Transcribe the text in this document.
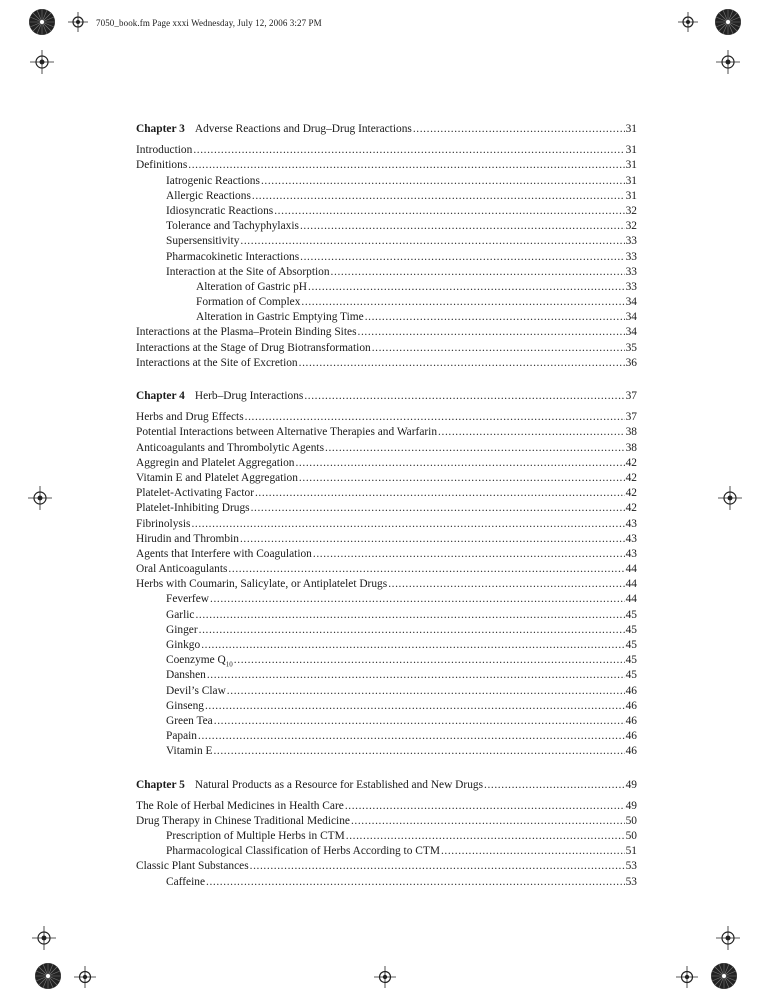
7050_book.fm Page xxxi Wednesday, July 12, 2006 3:27 PM
Chapter 3 Adverse Reactions and Drug–Drug Interactions .....	31
Introduction .....	31
Definitions .....	31
Iatrogenic Reactions .....	31
Allergic Reactions .....	31
Idiosyncratic Reactions .....	32
Tolerance and Tachyphylaxis .....	32
Supersensitivity .....	33
Pharmacokinetic Interactions .....	33
Interaction at the Site of Absorption .....	33
Alteration of Gastric pH .....	33
Formation of Complex .....	34
Alteration in Gastric Emptying Time .....	34
Interactions at the Plasma–Protein Binding Sites .....	34
Interactions at the Stage of Drug Biotransformation .....	35
Interactions at the Site of Excretion .....	36
Chapter 4 Herb–Drug Interactions .....	37
Herbs and Drug Effects .....	37
Potential Interactions between Alternative Therapies and Warfarin .....	38
Anticoagulants and Thrombolytic Agents .....	38
Aggregin and Platelet Aggregation .....	42
Vitamin E and Platelet Aggregation .....	42
Platelet-Activating Factor .....	42
Platelet-Inhibiting Drugs .....	42
Fibrinolysis .....	43
Hirudin and Thrombin .....	43
Agents that Interfere with Coagulation .....	43
Oral Anticoagulants .....	44
Herbs with Coumarin, Salicylate, or Antiplatelet Drugs .....	44
Feverfew .....	44
Garlic .....	45
Ginger .....	45
Ginkgo .....	45
Coenzyme $Q_{10}$ .....	45
Danshen .....	45
Devil’s Claw .....	46
Ginseng .....	46
Green Tea .....	46
Papain .....	46
Vitamin E .....	46
Chapter 5 Natural Products as a Resource for Established and New Drugs .....	49
The Role of Herbal Medicines in Health Care .....	49
Drug Therapy in Chinese Traditional Medicine .....	50
Prescription of Multiple Herbs in CTM .....	50
Pharmacological Classification of Herbs According to CTM .....	51
Classic Plant Substances .....	53
Caffeine .....	53
